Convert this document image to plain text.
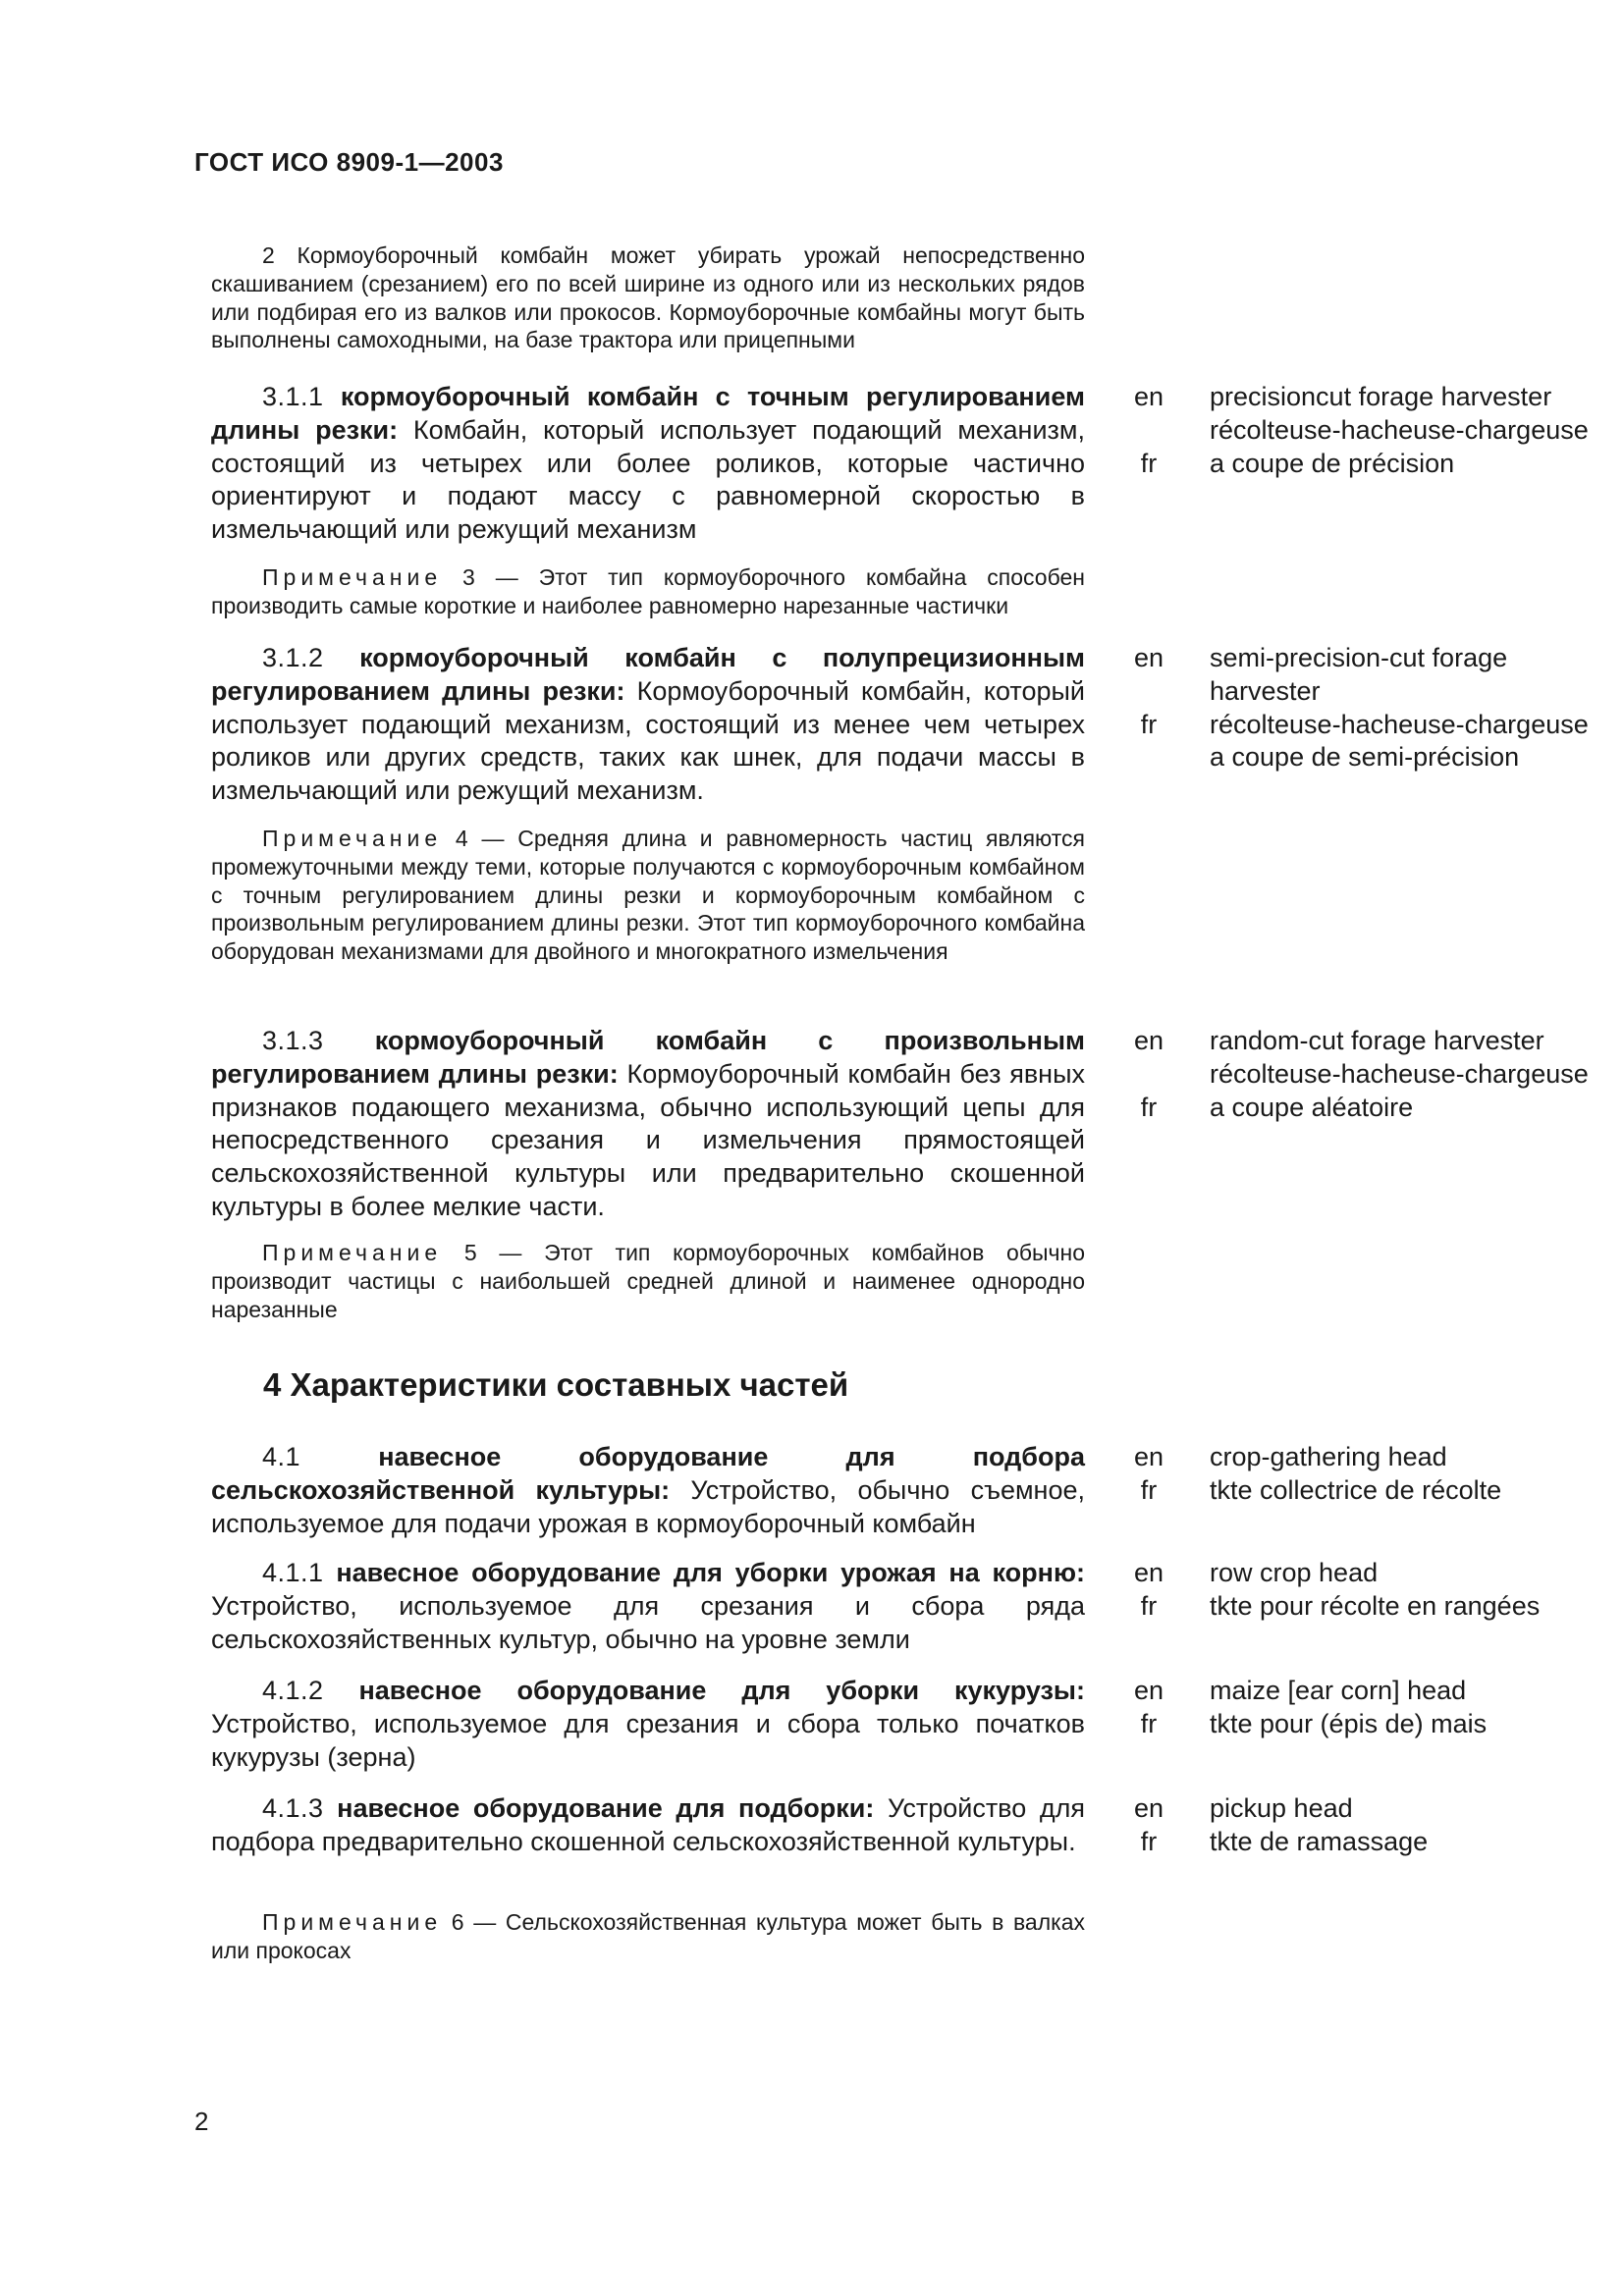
ГОСТ ИСО 8909-1—2003

2 Кормоуборочный комбайн может убирать урожай непосредственно скашиванием (срезанием) его по всей ширине из одного или из нескольких рядов или подбирая его из валков или прокосов. Кормоуборочные комбайны могут быть выполнены самоходными, на базе трактора или прицепными

3.1.1 кормоуборочный комбайн с точным регулированием длины резки: Комбайн, который использует подающий механизм, состоящий из четырех или более роликов, которые частично ориентируют и подают массу с равномерной скоростью в измельчающий или режущий механизм

en
fr
precisioncut forage harvester
récolteuse-hacheuse-chargeuse a coupe de précision

Примечание 3 — Этот тип кормоуборочного комбайна способен производить самые короткие и наиболее равномерно нарезанные частички

3.1.2 кормоуборочный комбайн с полупрецизионным регулированием длины резки: Кормоуборочный комбайн, который использует подающий механизм, состоящий из менее чем четырех роликов или других средств, таких как шнек, для подачи массы в измельчающий или режущий механизм.

en
fr
semi-precision-cut forage harvester
récolteuse-hacheuse-chargeuse a coupe de semi-précision

Примечание 4 — Средняя длина и равномерность частиц являются промежуточными между теми, которые получаются с кормоуборочным комбайном с точным регулированием длины резки и кормоуборочным комбайном с произвольным регулированием длины резки. Этот тип кормоуборочного комбайна оборудован механизмами для двойного и многократного измельчения

3.1.3 кормоуборочный комбайн с произвольным регулированием длины резки: Кормоуборочный комбайн без явных признаков подающего механизма, обычно использующий цепы для непосредственного срезания и измельчения прямостоящей сельскохозяйственной культуры или предварительно скошенной культуры в более мелкие части.

en
fr
random-cut forage harvester
récolteuse-hacheuse-chargeuse a coupe aléatoire

Примечание 5 — Этот тип кормоуборочных комбайнов обычно производит частицы с наибольшей средней длиной и наименее однородно нарезанные

4 Характеристики составных частей

4.1	навесное оборудование для подбора сельскохозяйственной культуры: Устройство, обычно съемное, используемое для подачи урожая в кормоуборочный комбайн

en
fr
crop-gathering head
tkte collectrice de récolte

4.1.1 навесное оборудование для уборки урожая на корню: Устройство, используемое для срезания и сбора ряда сельскохозяйственных культур, обычно на уровне земли

en
fr
row crop head
tkte pour récolte en rangées

4.1.2 навесное оборудование для уборки кукурузы: Устройство, используемое для срезания и сбора только початков кукурузы (зерна)

en
fr
maize [ear corn] head
tkte pour (épis de) mais

4.1.3 навесное оборудование для подборки: Устройство для подбора предварительно скошенной сельскохозяйственной культуры.

en
fr
pickup head
tkte de ramassage

Примечание 6 — Сельскохозяйственная культура может быть в валках или прокосах

2
